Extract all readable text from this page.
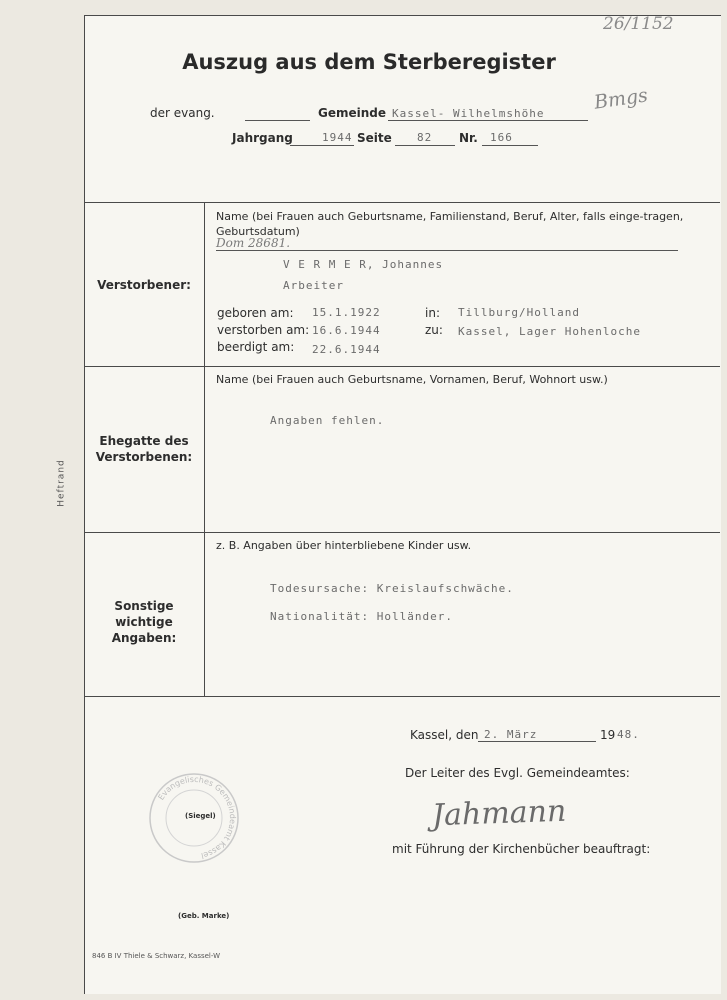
26/1152
Auszug aus dem Sterberegister
der evang.	Gemeinde Kassel- Wilhelmshöhe	Bmgs
Jahrgang	1944 Seite 82 Nr. 166
Heftrand
Verstorbener:
Name (bei Frauen auch Geburtsname, Familienstand, Beruf, Alter, falls einge-tragen, Geburtsdatum)
Dom 28681.
V E R M E R, Johannes
Arbeiter
geboren am: 15.1.1922	in: Tillburg/Holland
verstorben am: 16.6.1944	zu: Kassel, Lager Hohenloche
beerdigt am: 22.6.1944
Ehegatte des
Verstorbenen:
Name (bei Frauen auch Geburtsname, Vornamen, Beruf, Wohnort usw.)
Angaben fehlen.
Sonstige wichtige
Angaben:
z. B. Angaben über hinterbliebene Kinder usw.
Todesursache: Kreislaufschwäche.
Nationalität: Holländer.
Kassel, den 2. März	19 48.
Der Leiter des Evgl. Gemeindeamtes:
Jahmann
mit Führung der Kirchenbücher beauftragt:
Evangelisches Gemeindeamt Kassel
(Siegel)
(Geb. Marke)
846 B IV Thiele & Schwarz, Kassel-W
